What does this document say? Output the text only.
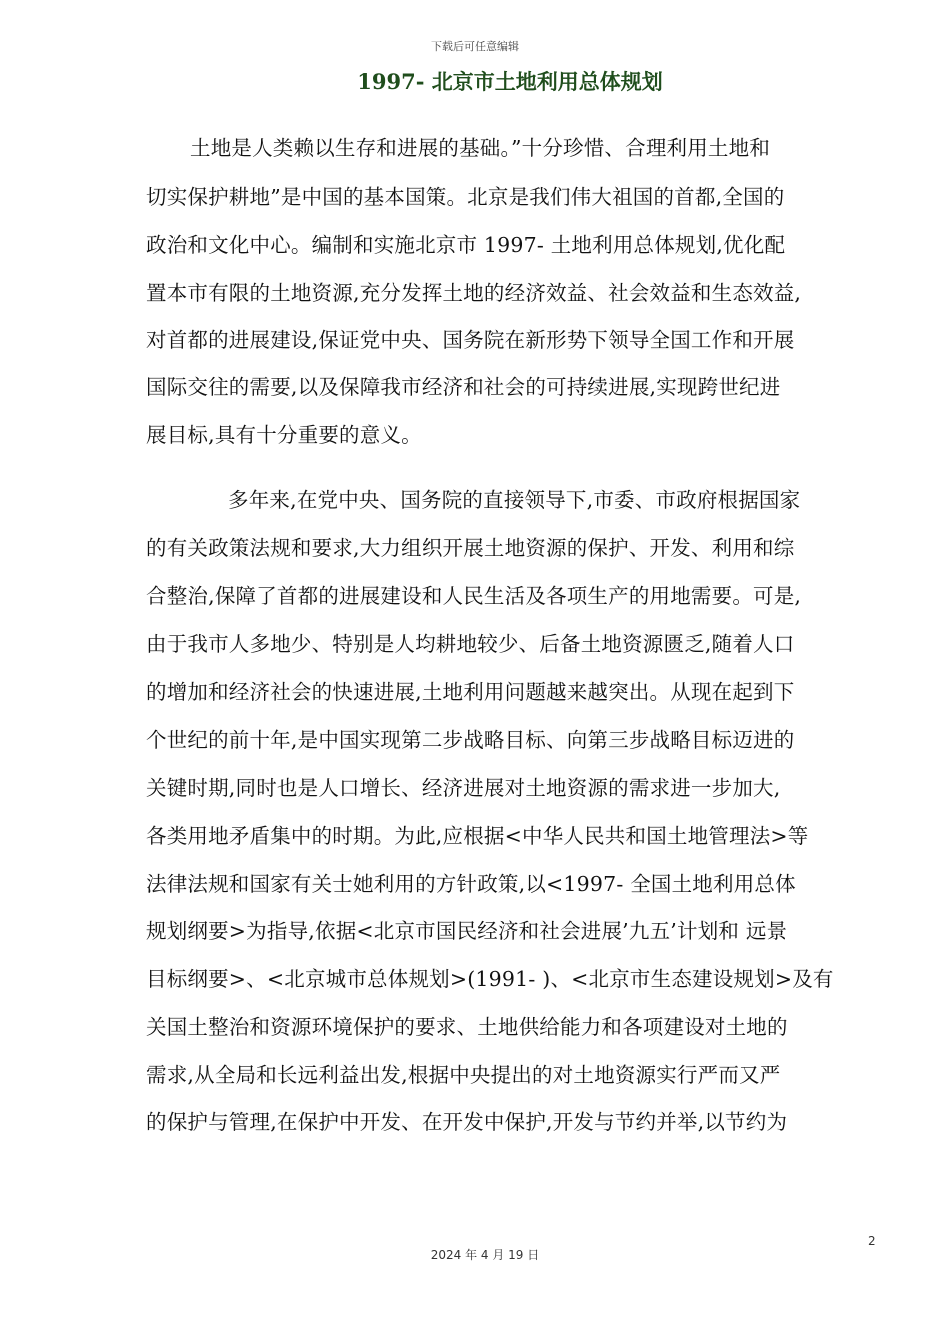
下载后可任意编辑
1997- 北京市土地利用总体规划
土地是人类赖以生存和进展的基础。”十分珍惜、合理利用土地和
切实保护耕地”是中国的基本国策。北京是我们伟大祖国的首都,全国的
政治和文化中心。编制和实施北京市 1997- 土地利用总体规划,优化配
置本市有限的土地资源,充分发挥土地的经济效益、社会效益和生态效益,
对首都的进展建设,保证党中央、国务院在新形势下领导全国工作和开展
国际交往的需要,以及保障我市经济和社会的可持续进展,实现跨世纪进
展目标,具有十分重要的意义。
多年来,在党中央、国务院的直接领导下,市委、市政府根据国家
的有关政策法规和要求,大力组织开展土地资源的保护、开发、利用和综
合整治,保障了首都的进展建设和人民生活及各项生产的用地需要。可是,
由于我市人多地少、特别是人均耕地较少、后备土地资源匮乏,随着人口
的增加和经济社会的快速进展,土地利用问题越来越突出。从现在起到下
个世纪的前十年,是中国实现第二步战略目标、向第三步战略目标迈进的
关键时期,同时也是人口增长、经济进展对土地资源的需求进一步加大,
各类用地矛盾集中的时期。为此,应根据<中华人民共和国土地管理法>等
法律法规和国家有关士她利用的方针政策,以<1997- 全国土地利用总体
规划纲要>为指导,依据<北京市国民经济和社会进展’九五’计划和 远景
目标纲要>、<北京城市总体规划>(1991- )、<北京市生态建设规划>及有
关国土整治和资源环境保护的要求、土地供给能力和各项建设对土地的
需求,从全局和长远利益出发,根据中央提出的对土地资源实行严而又严
的保护与管理,在保护中开发、在开发中保护,开发与节约并举,以节约为
2
2024 年 4 月 19 日
